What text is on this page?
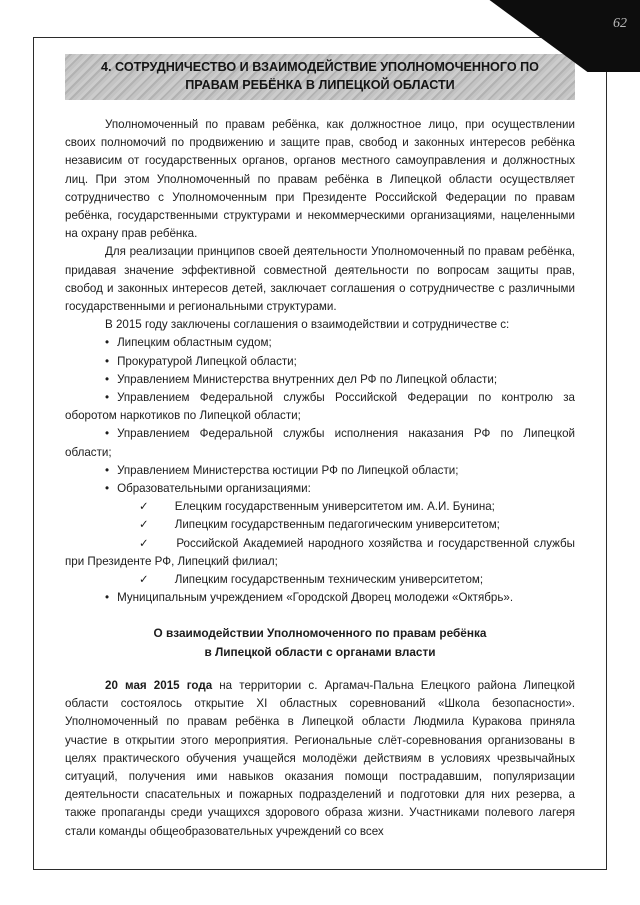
62
4. СОТРУДНИЧЕСТВО И ВЗАИМОДЕЙСТВИЕ УПОЛНОМОЧЕННОГО ПО ПРАВАМ РЕБЁНКА В ЛИПЕЦКОЙ ОБЛАСТИ

Уполномоченный по правам ребёнка, как должностное лицо, при осуществлении своих полномочий по продвижению и защите прав, свобод и законных интересов ребёнка независим от государственных органов, органов местного самоуправления и должностных лиц. При этом Уполномоченный по правам ребёнка в Липецкой области осуществляет сотрудничество с Уполномоченным при Президенте Российской Федерации по правам ребёнка, государственными структурами и некоммерческими организациями, нацеленными на охрану прав ребёнка.

Для реализации принципов своей деятельности Уполномоченный по правам ребёнка, придавая значение эффективной совместной деятельности по вопросам защиты прав, свобод и законных интересов детей, заключает соглашения о сотрудничестве с различными государственными и региональными структурами.

В 2015 году заключены соглашения о взаимодействии и сотрудничестве с:

• Липецким областным судом;

• Прокуратурой Липецкой области;

• Управлением Министерства внутренних дел РФ по Липецкой области;

• Управлением Федеральной службы Российской Федерации по контролю за оборотом наркотиков по Липецкой области;

• Управлением Федеральной службы исполнения наказания РФ по Липецкой области;

• Управлением Министерства юстиции РФ по Липецкой области;

• Образовательными организациями:

✓ Елецким государственным университетом им. А.И. Бунина;

✓ Липецким государственным педагогическим университетом;

✓ Российской Академией народного хозяйства и государственной службы при Президенте РФ, Липецкий филиал;

✓ Липецким государственным техническим университетом;

• Муниципальным учреждением «Городской Дворец молодежи «Октябрь».

О взаимодействии Уполномоченного по правам ребёнка
в Липецкой области с органами власти

20 мая 2015 года на территории с. Аргамач-Пальна Елецкого района Липецкой области состоялось открытие XI областных соревнований «Школа безопасности». Уполномоченный по правам ребёнка в Липецкой области Людмила Куракова приняла участие в открытии этого мероприятия. Региональные слёт-соревнования организованы в целях практического обучения учащейся молодёжи действиям в условиях чрезвычайных ситуаций, получения ими навыков оказания помощи пострадавшим, популяризации деятельности спасательных и пожарных подразделений и подготовки для них резерва, а также пропаганды среди учащихся здорового образа жизни. Участниками полевого лагеря стали команды общеобразовательных учреждений со всех
